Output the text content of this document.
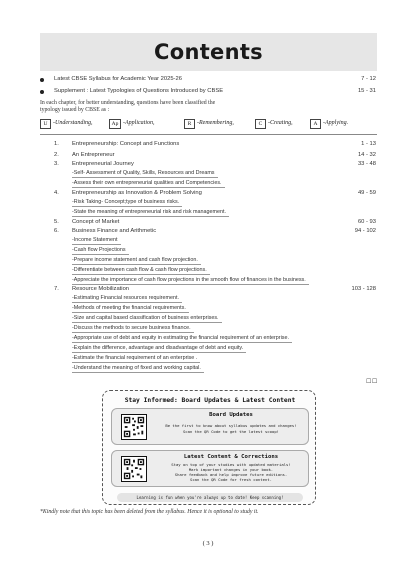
Contents
Latest CBSE Syllabus for Academic Year 2025-26	7 - 12
Supplement : Latest Typologies of Questions Introduced by CBSE	15 - 31
In each chapter, for better understanding, questions have been classified the
typology issued by CBSE as :
U -Understanding,	Ap -Application,	R -Remembering,	C -Creating,	A -Applying.
1. Entrepreneurship: Concept and Functions	1 - 13
2. An Entrepreneur	14 - 32
3. Entrepreneurial Journey	33 - 48
-Self- Assessment of Quality, Skills, Resources and Dreams
-Assess their own entrepreneurial qualities and Competencies.
4. Entrepreneurship as Innovation & Problem Solving	49 - 59
-Risk Taking- Concept;type of business risks.
-State the meaning of entrepreneurial risk and risk management.
5. Concept of Market	60 - 93
6. Business Finance and Arithmetic	94 - 102
-Income Statement
-Cash flow Projections
-Prepare income statement and cash flow projection.
-Differentiate between cash flow & cash flow projections.
-Appreciate the importance of cash flow projections in the smooth flow of finances in the business.
7. Resource Mobilization	103 - 128
-Estimating Financial resources requirement.
-Methods of meeting the financial requirements.
-Size and capital based classification of business enterprises.
-Discuss the methods to secure business finance.
-Appropriate use of debt and equity in estimating the financial requirement of an enterprise.
-Explain the difference, advantage and disadvantage of debt and equity.
-Estimate the financial requirement of an enterprise .
-Understand the meaning of fixed and working capital.
☐☐
Stay Informed: Board Updates & Latest Content
Board Updates
Be the first to know about syllabus updates and changes!
Scan the QR Code to get the latest scoop!
Latest Content & Corrections
Stay on top of your studies with updated materials!
Mark important changes in your book.
Share feedback and help improve future editions.
Scan the QR Code for fresh content.
Learning is fun when you're always up to date! Keep scanning!
*Kindly note that this topic has been deleted from the syllabus. Hence it is optional to study it.
( 3 )
